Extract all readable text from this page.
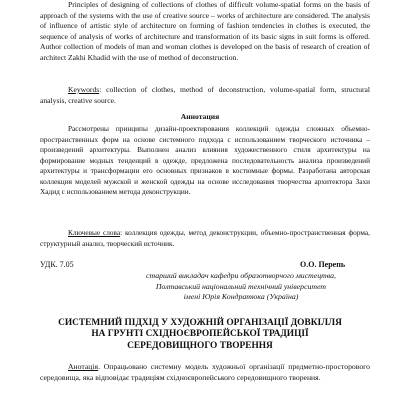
Principles of designing of collections of clothes of difficult volume-spatial forms on the basis of approach of the systems with the use of creative source – works of architecture are considered. The analysis of influence of artistic style of architecture on forming of fashion tendencies in clothes is executed, the sequence of analysis of works of architecture and transformation of its basic signs in suit forms is offered. Author collection of models of man and woman clothes is developed on the basis of research of creation of architect Zakhi Khadid with the use of method of deconstruction.

Keywords: collection of clothes, method of deconstruction, volume-spatial form, structural analysis, creative source.

Аннотация

Рассмотрены принципы дизайн-проектирования коллекций одежды сложных объемно-пространственных форм на основе системного подхода с использованием творческого источника – произведений архитектуры. Выполнен анализ влияния художественного стиля архитектуры на формирование модных тенденций в одежде, предложена последовательность анализа произведений архитектуры и трансформации его основных признаков в костюмные формы. Разработана авторская коллекция моделей мужской и женской одежды на основе исследования творчества архитектора Захи Хадид с использованием метода деконструкции.

Ключевые слова: коллекция одежды, метод деконструкции, объемно-пространственная форма, структурный анализ, творческий источник.

УДК. 7.05	О.О. Перепь
старший викладач кафедри образотворчого мистецтва,
Полтавський національний технічний університет
імені Юрія Кондратюка (Україна)
СИСТЕМНИЙ ПІДХІД У ХУДОЖНІЙ ОРГАНІЗАЦІЇ ДОВКІЛЛЯ
НА ГРУНТІ СХІДНОЄВРОПЕЙСЬКОЇ ТРАДИЦІЇ
СЕРЕДОВИЩНОГО ТВОРЕННЯ

Анотація. Опрацьовано системну модель художньої організації предметно-просторового середовища, яка відповідає традиціям східноєвропейського середовищного творення.
